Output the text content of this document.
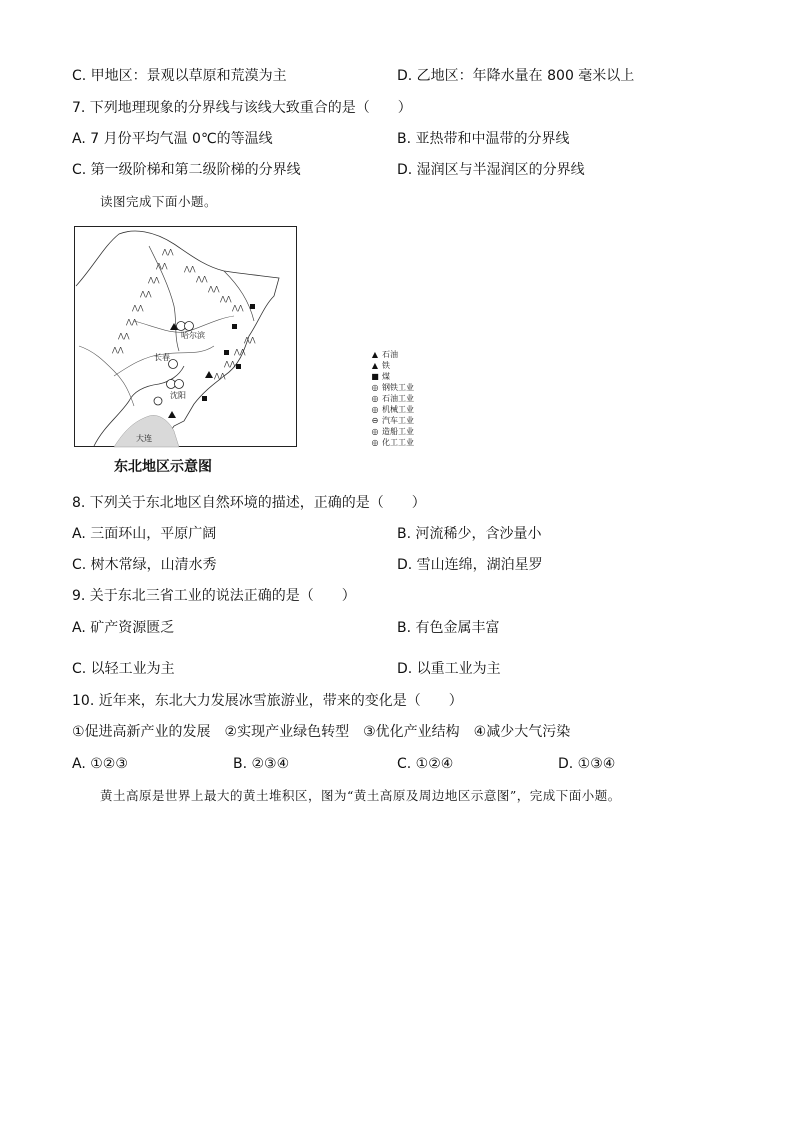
C. 甲地区：景观以草原和荒漠为主	D. 乙地区：年降水量在 800 毫米以上
7. 下列地理现象的分界线与该线大致重合的是（　　）
A. 7 月份平均气温 0℃的等温线	B. 亚热带和中温带的分界线
C. 第一级阶梯和第二级阶梯的分界线	D. 湿润区与半湿润区的分界线
读图完成下面小题。
⋀⋀
⋀⋀
⋀⋀
⋀⋀
⋀⋀
⋀⋀
⋀⋀
⋀⋀
⋀⋀
⋀⋀
⋀⋀
⋀⋀
⋀⋀
⋀⋀
⋀⋀
⋀⋀
⋀⋀
哈尔滨
长春
沈阳
大连
▲ 石油
▲ 铁
■ 煤
◎ 钢铁工业
◎ 石油工业
◎ 机械工业
⊖ 汽车工业
◎ 造船工业
◎ 化工工业
东北地区示意图
8. 下列关于东北地区自然环境的描述，正确的是（　　）
A. 三面环山，平原广阔	B. 河流稀少，含沙量小
C. 树木常绿，山清水秀	D. 雪山连绵，湖泊星罗
9. 关于东北三省工业的说法正确的是（　　）
A. 矿产资源匮乏	B. 有色金属丰富
C. 以轻工业为主	D. 以重工业为主
10. 近年来，东北大力发展冰雪旅游业，带来的变化是（　　）
①促进高新产业的发展　②实现产业绿色转型　③优化产业结构　④减少大气污染
A. ①②③	B. ②③④	C. ①②④	D. ①③④
黄土高原是世界上最大的黄土堆积区，图为“黄土高原及周边地区示意图”，完成下面小题。
